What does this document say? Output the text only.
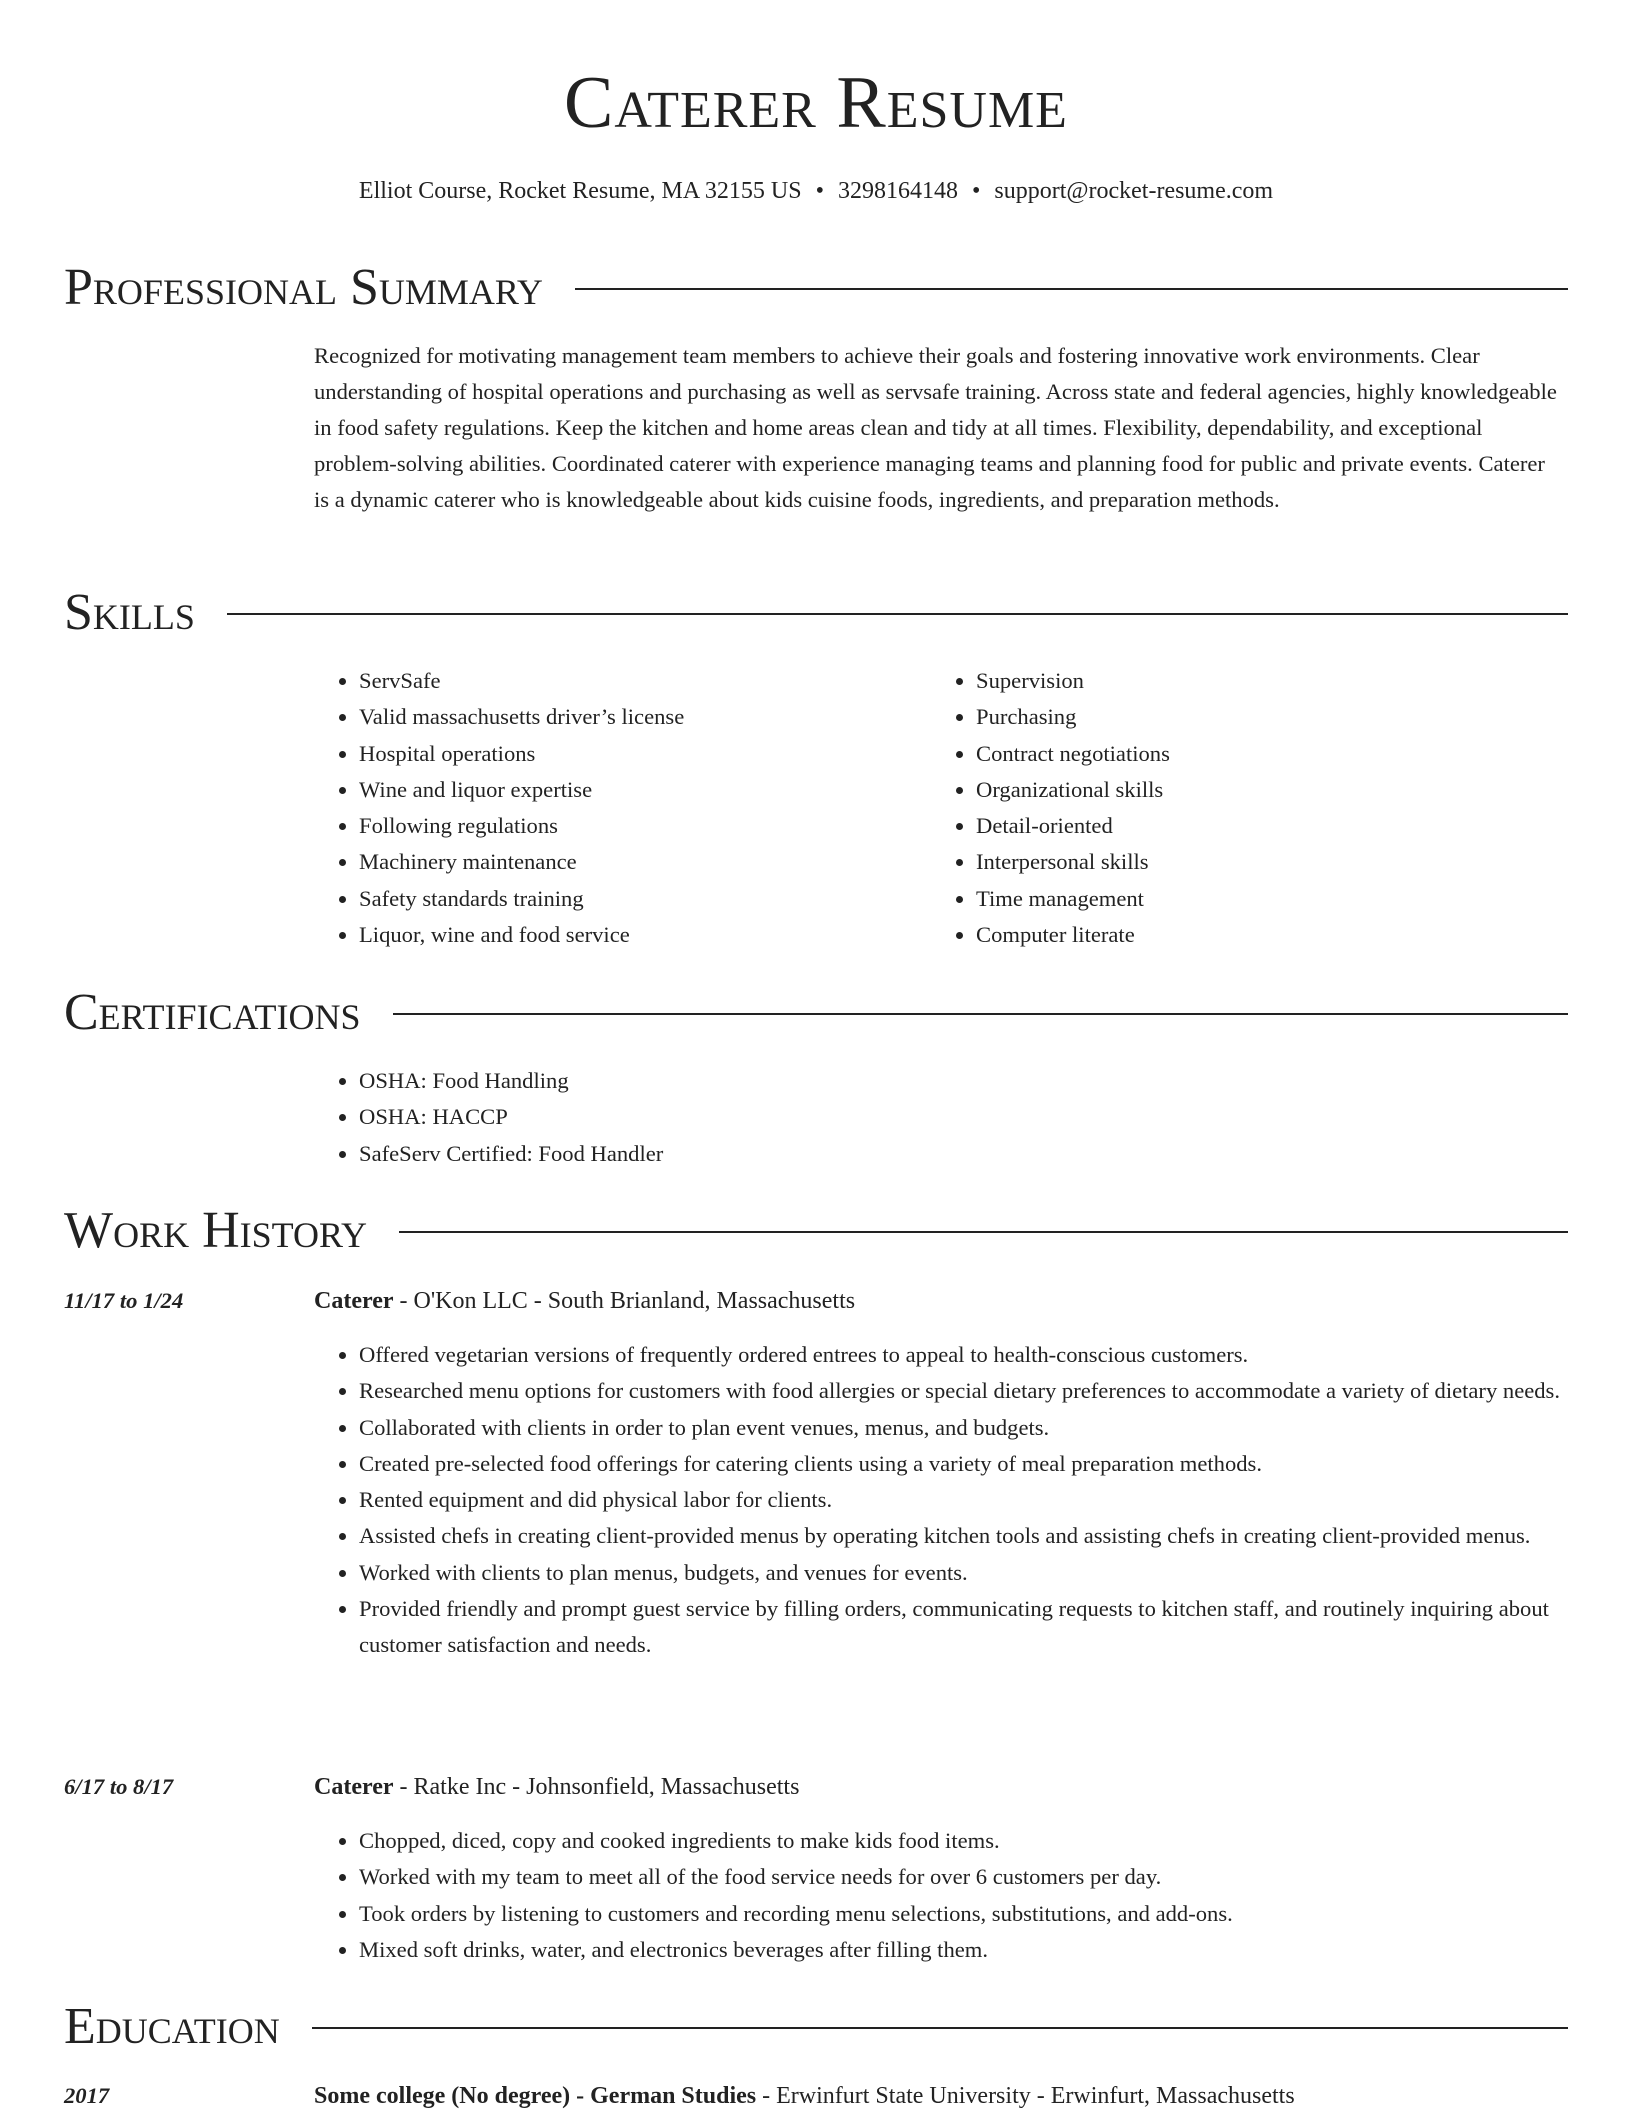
Caterer Resume
Elliot Course, Rocket Resume, MA 32155 US • 3298164148 • support@rocket-resume.com
Professional Summary

Recognized for motivating management team members to achieve their goals and fostering innovative work environments. Clear understanding of hospital operations and purchasing as well as servsafe training. Across state and federal agencies, highly knowledgeable in food safety regulations. Keep the kitchen and home areas clean and tidy at all times. Flexibility, dependability, and exceptional problem-solving abilities. Coordinated caterer with experience managing teams and planning food for public and private events. Caterer is a dynamic caterer who is knowledgeable about kids cuisine foods, ingredients, and preparation methods.

Skills
• ServSafe
• Valid massachusetts driver’s license
• Hospital operations
• Wine and liquor expertise
• Following regulations
• Machinery maintenance
• Safety standards training
• Liquor, wine and food service
• Supervision
• Purchasing
• Contract negotiations
• Organizational skills
• Detail-oriented
• Interpersonal skills
• Time management
• Computer literate
Certifications
• OSHA: Food Handling
• OSHA: HACCP
• SafeServ Certified: Food Handler
Work History
11/17 to 1/24	Caterer - O'Kon LLC - South Brianland, Massachusetts
• Offered vegetarian versions of frequently ordered entrees to appeal to health-conscious customers.
• Researched menu options for customers with food allergies or special dietary preferences to accommodate a variety of dietary needs.
• Collaborated with clients in order to plan event venues, menus, and budgets.
• Created pre-selected food offerings for catering clients using a variety of meal preparation methods.
• Rented equipment and did physical labor for clients.
• Assisted chefs in creating client-provided menus by operating kitchen tools and assisting chefs in creating client-provided menus.
• Worked with clients to plan menus, budgets, and venues for events.
• Provided friendly and prompt guest service by filling orders, communicating requests to kitchen staff, and routinely inquiring about customer satisfaction and needs.
6/17 to 8/17	Caterer - Ratke Inc - Johnsonfield, Massachusetts
• Chopped, diced, copy and cooked ingredients to make kids food items.
• Worked with my team to meet all of the food service needs for over 6 customers per day.
• Took orders by listening to customers and recording menu selections, substitutions, and add-ons.
• Mixed soft drinks, water, and electronics beverages after filling them.
Education
2017	Some college (No degree) - German Studies - Erwinfurt State University - Erwinfurt, Massachusetts
